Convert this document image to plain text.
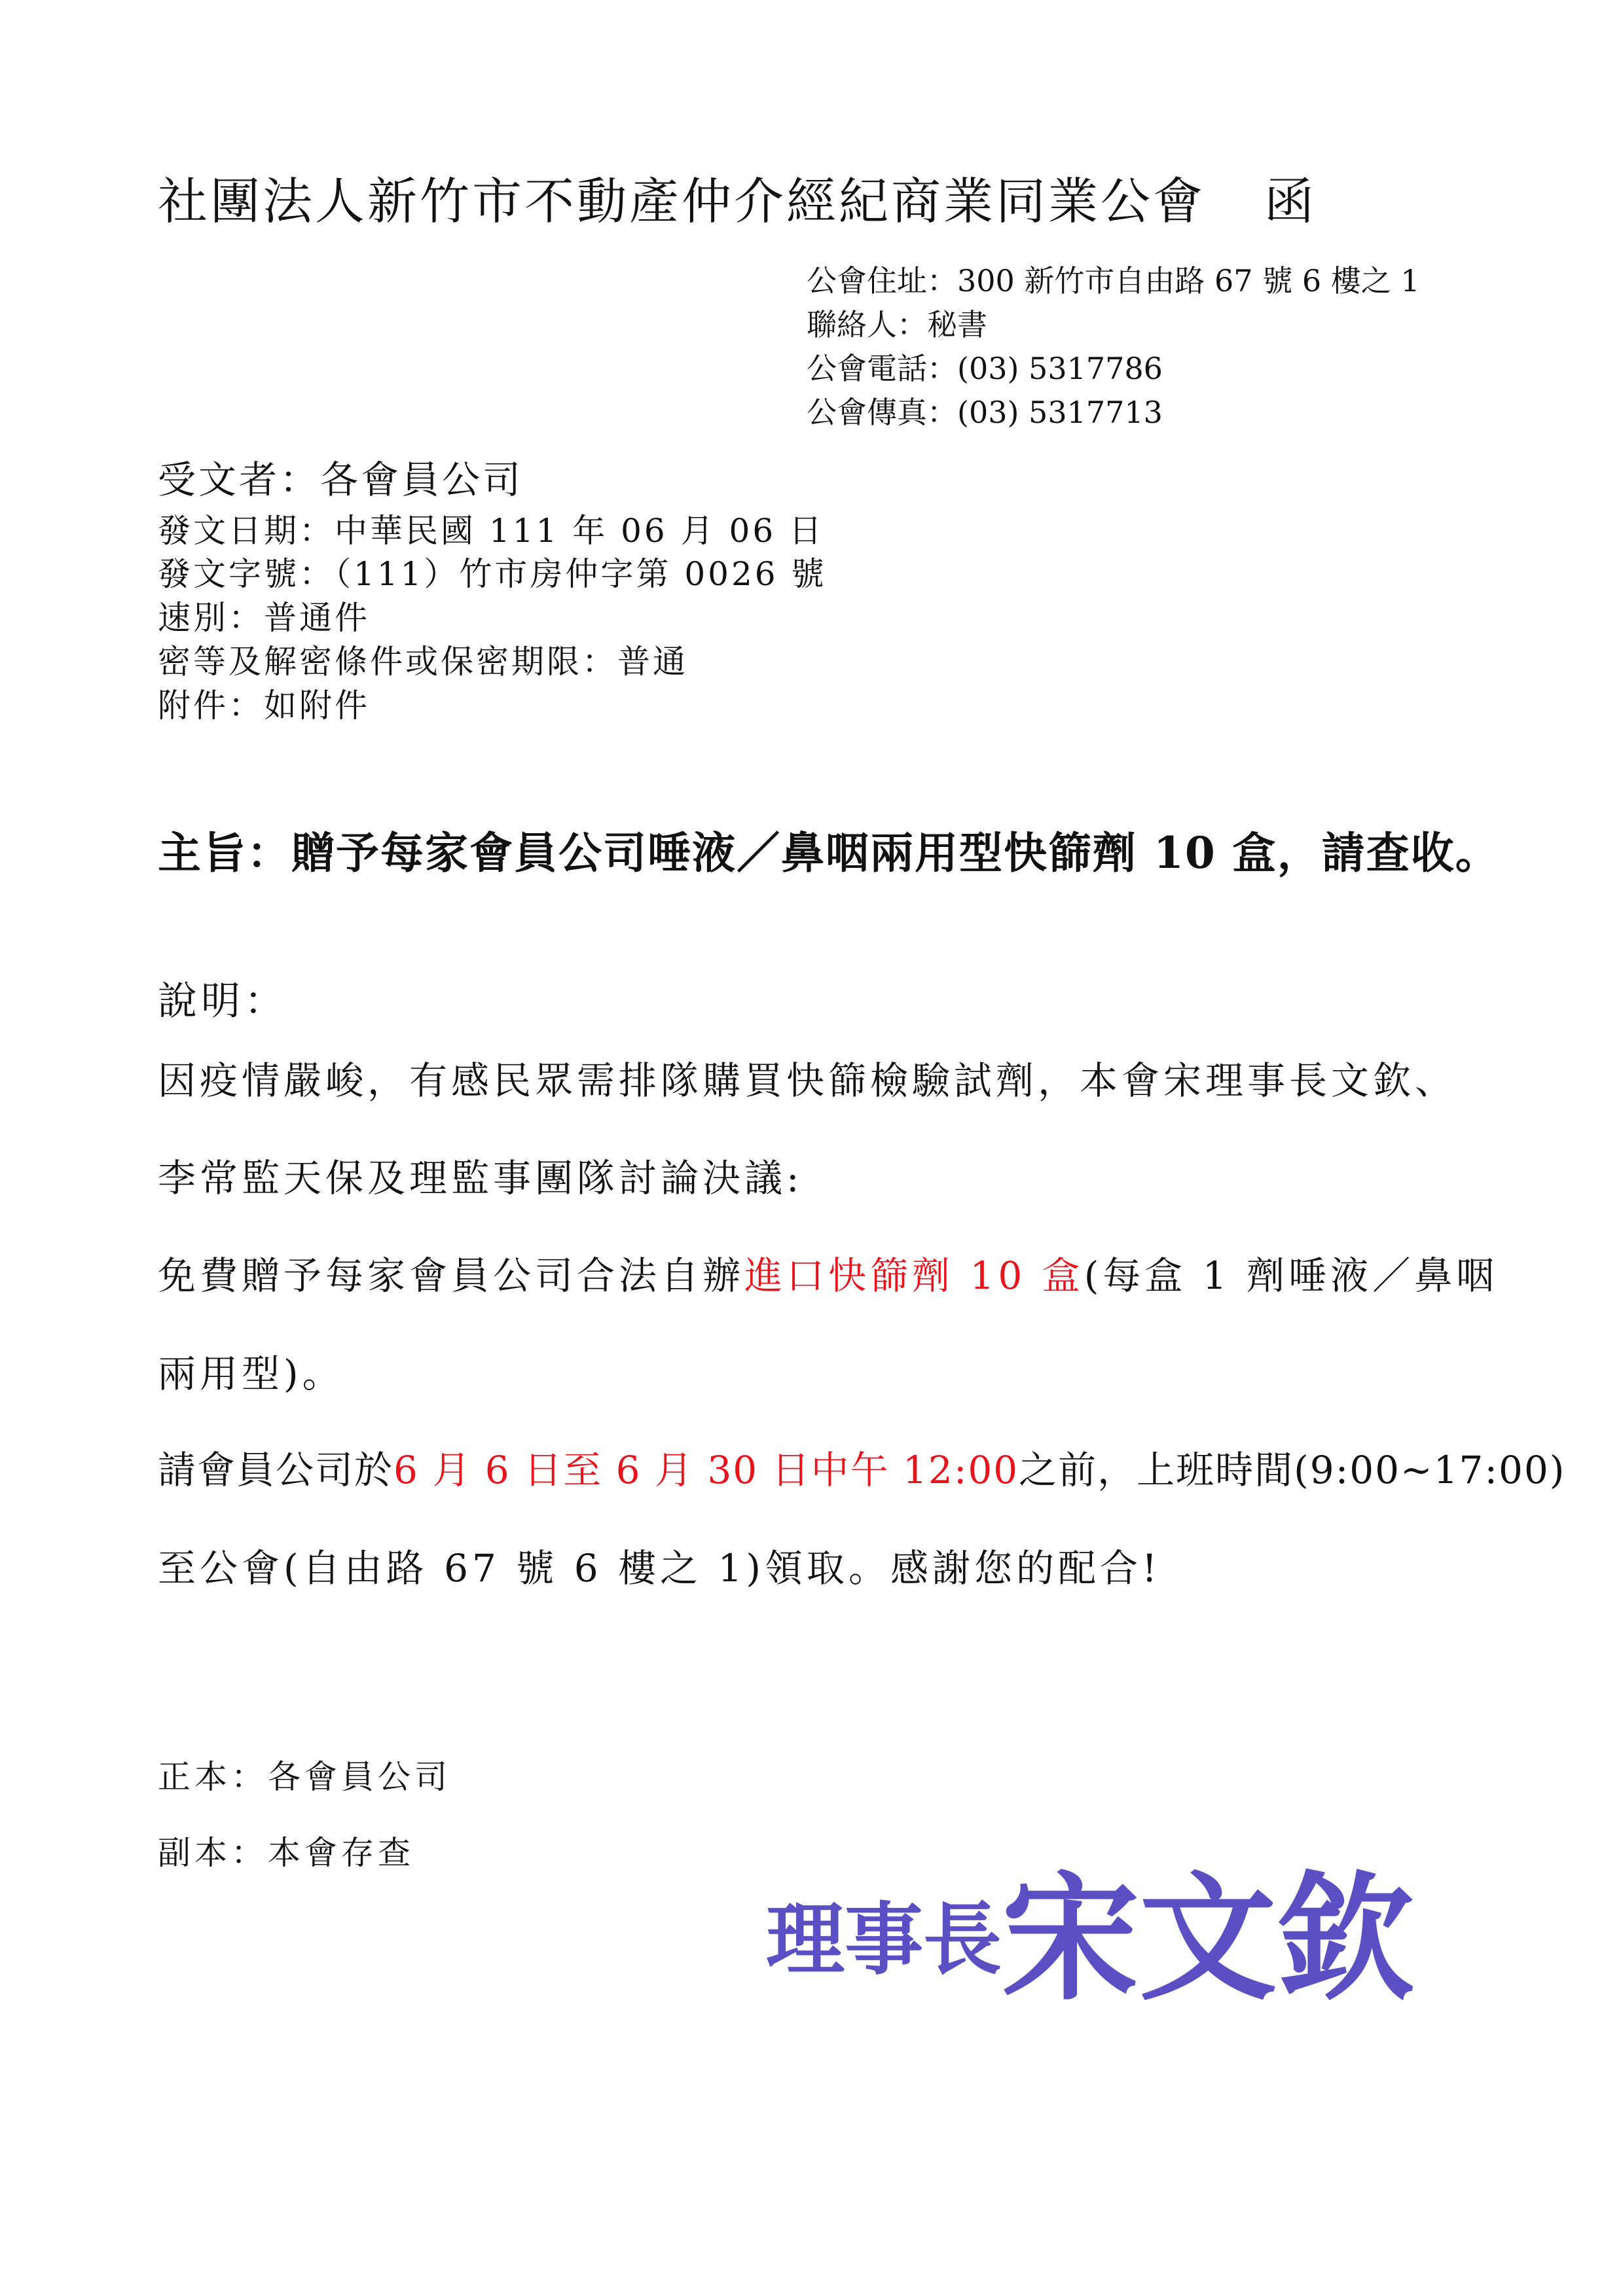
社團法人新竹市不動產仲介經紀商業同業公會 函
公會住址：300 新竹市自由路 67 號 6 樓之 1
聯絡人：秘書
公會電話：(03) 5317786
公會傳真：(03) 5317713
受文者：各會員公司
發文日期：中華民國 111 年 06 月 06 日
發文字號：（111）竹市房仲字第 0026 號
速別：普通件
密等及解密條件或保密期限：普通
附件：如附件
主旨：贈予每家會員公司唾液／鼻咽兩用型快篩劑 10 盒，請查收。
說明：
因疫情嚴峻，有感民眾需排隊購買快篩檢驗試劑，本會宋理事長文欽、
李常監天保及理監事團隊討論決議:
免費贈予每家會員公司合法自辦進口快篩劑 10 盒(每盒 1 劑唾液／鼻咽
兩用型)。
請會員公司於6 月 6 日至 6 月 30 日中午 12:00之前，上班時間(9:00~17:00)
至公會(自由路 67 號 6 樓之 1)領取。感謝您的配合!
正本：各會員公司
副本：本會存查
理事長 宋文欽
